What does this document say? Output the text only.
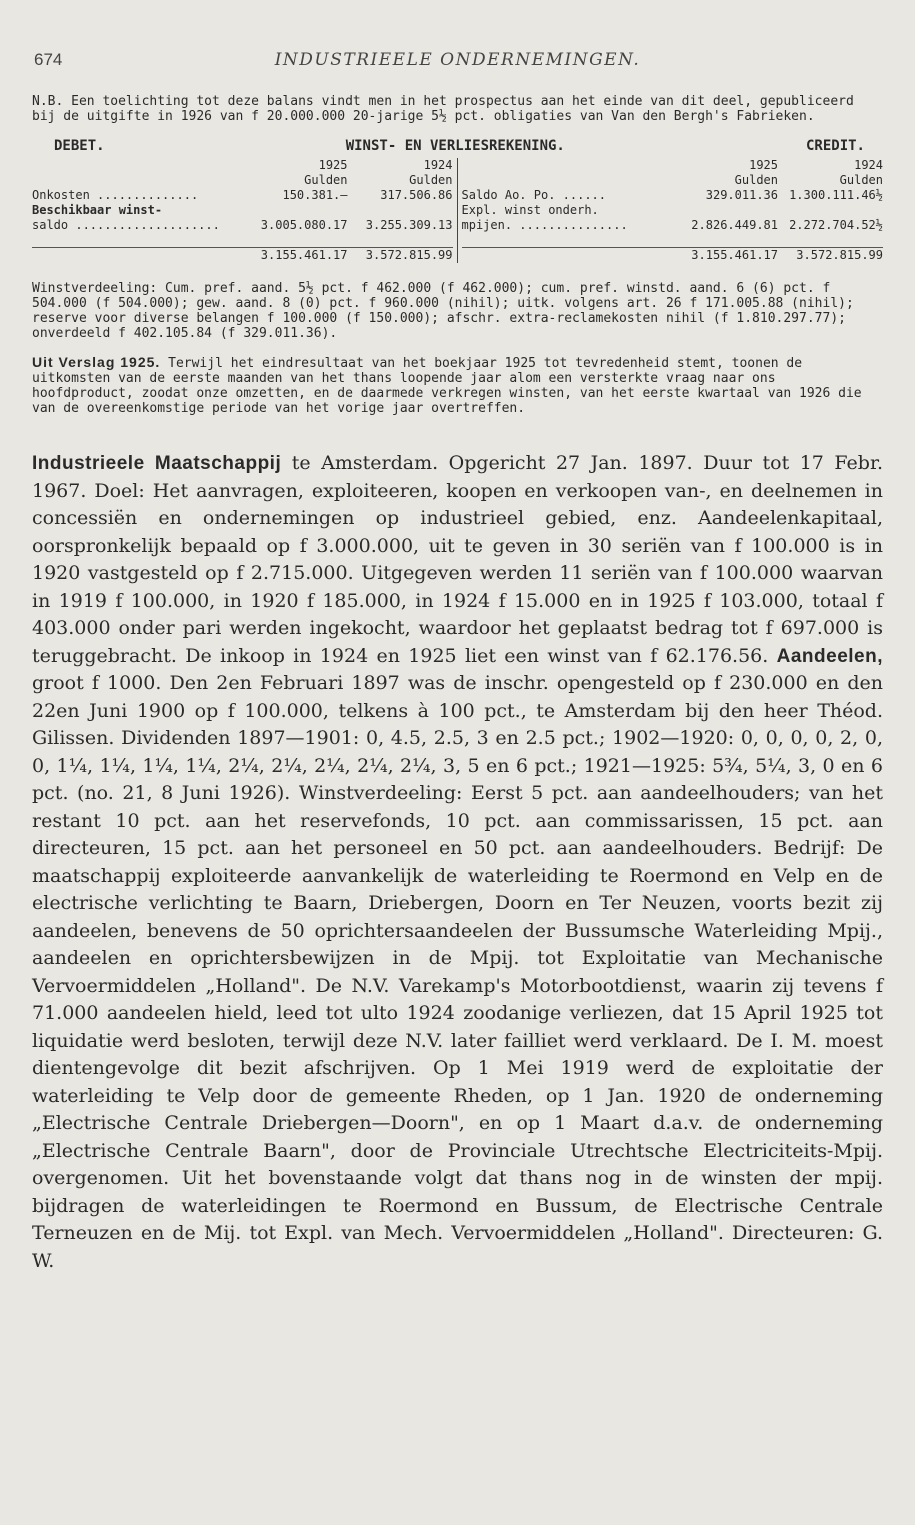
674	INDUSTRIEELE ONDERNEMINGEN.
N.B. Een toelichting tot deze balans vindt men in het prospectus aan het einde van dit deel, gepubliceerd bij de uitgifte in 1926 van f 20.000.000 20-jarige 5½ pct. obligaties van Van den Bergh's Fabrieken.
DEBET.	WINST- EN VERLIESREKENING.	CREDIT.
1925	1924
Gulden	Gulden
Onkosten ..............	150.381.—	317.506.86
Beschikbaar winst-
saldo ....................	3.005.080.17	3.255.309.13
3.155.461.17	3.572.815.99
1925	1924
Gulden	Gulden
Saldo Ao. Po. ......	329.011.36 1.300.111.46½
Expl. winst onderh.
mpijen. ...............	2.826.449.81 2.272.704.52½
3.155.461.17	3.572.815.99
Winstverdeeling: Cum. pref. aand. 5½ pct. f 462.000 (f 462.000); cum. pref. winstd. aand. 6 (6) pct. f 504.000 (f 504.000); gew. aand. 8 (0) pct. f 960.000 (nihil); uitk. volgens art. 26 f 171.005.88 (nihil); reserve voor diverse belangen f 100.000 (f 150.000); afschr. extra-reclamekosten nihil (f 1.810.297.77); onverdeeld f 402.105.84 (f 329.011.36).
Uit Verslag 1925. Terwijl het eindresultaat van het boekjaar 1925 tot tevredenheid stemt, toonen de uitkomsten van de eerste maanden van het thans loopende jaar alom een versterkte vraag naar ons hoofdproduct, zoodat onze omzetten, en de daarmede verkregen winsten, van het eerste kwartaal van 1926 die van de overeenkomstige periode van het vorige jaar overtreffen.

Industrieele Maatschappij te Amsterdam. Opgericht 27 Jan. 1897. Duur tot 17 Febr. 1967. Doel: Het aanvragen, exploiteeren, koopen en verkoopen van-, en deelnemen in concessiën en ondernemingen op industrieel gebied, enz. Aandeelenkapitaal, oorspronkelijk bepaald op f 3.000.000, uit te geven in 30 seriën van f 100.000 is in 1920 vastgesteld op f 2.715.000. Uitgegeven werden 11 seriën van f 100.000 waarvan in 1919 f 100.000, in 1920 f 185.000, in 1924 f 15.000 en in 1925 f 103.000, totaal f 403.000 onder pari werden ingekocht, waardoor het geplaatst bedrag tot f 697.000 is teruggebracht. De inkoop in 1924 en 1925 liet een winst van f 62.176.56. Aandeelen, groot f 1000. Den 2en Februari 1897 was de inschr. opengesteld op f 230.000 en den 22en Juni 1900 op f 100.000, telkens à 100 pct., te Amsterdam bij den heer Théod. Gilissen. Dividenden 1897—1901: 0, 4.5, 2.5, 3 en 2.5 pct.; 1902—1920: 0, 0, 0, 0, 2, 0, 0, 1¼, 1¼, 1¼, 1¼, 2¼, 2¼, 2¼, 2¼, 2¼, 3, 5 en 6 pct.; 1921—1925: 5¾, 5¼, 3, 0 en 6 pct. (no. 21, 8 Juni 1926). Winstverdeeling: Eerst 5 pct. aan aandeelhouders; van het restant 10 pct. aan het reservefonds, 10 pct. aan commissarissen, 15 pct. aan directeuren, 15 pct. aan het personeel en 50 pct. aan aandeelhouders. Bedrijf: De maatschappij exploiteerde aanvankelijk de waterleiding te Roermond en Velp en de electrische verlichting te Baarn, Driebergen, Doorn en Ter Neuzen, voorts bezit zij aandeelen, benevens de 50 oprichtersaandeelen der Bussumsche Waterleiding Mpij., aandeelen en oprichtersbewijzen in de Mpij. tot Exploitatie van Mechanische Vervoermiddelen „Holland". De N.V. Varekamp's Motorbootdienst, waarin zij tevens f 71.000 aandeelen hield, leed tot ulto 1924 zoodanige verliezen, dat 15 April 1925 tot liquidatie werd besloten, terwijl deze N.V. later failliet werd verklaard. De I. M. moest dientengevolge dit bezit afschrijven. Op 1 Mei 1919 werd de exploitatie der waterleiding te Velp door de gemeente Rheden, op 1 Jan. 1920 de onderneming „Electrische Centrale Driebergen—Doorn", en op 1 Maart d.a.v. de onderneming „Electrische Centrale Baarn", door de Provinciale Utrechtsche Electriciteits-Mpij. overgenomen. Uit het bovenstaande volgt dat thans nog in de winsten der mpij. bijdragen de waterleidingen te Roermond en Bussum, de Electrische Centrale Terneuzen en de Mij. tot Expl. van Mech. Vervoermiddelen „Holland". Directeuren: G. W.
